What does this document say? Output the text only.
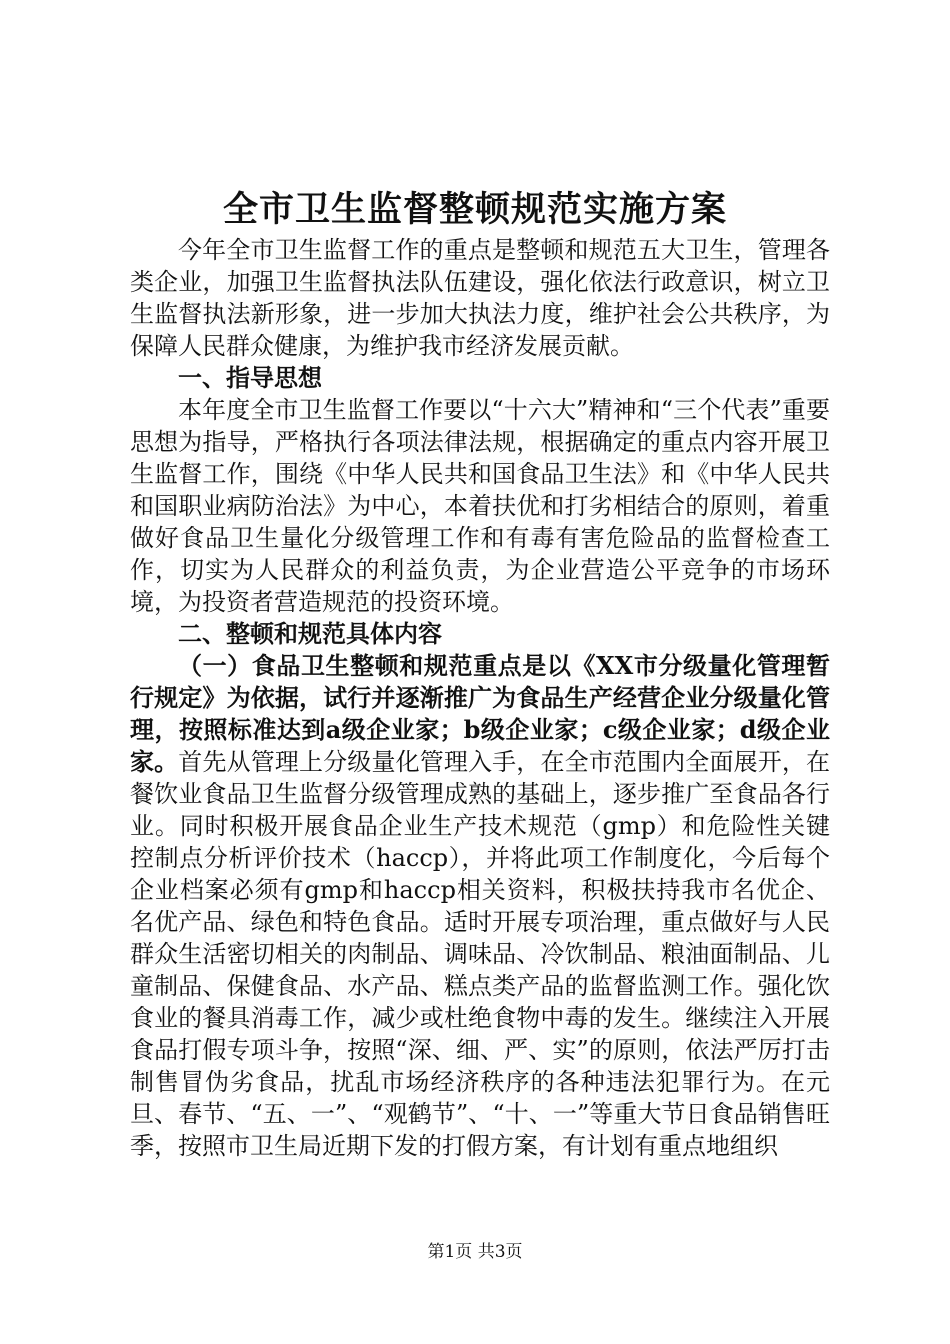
全市卫生监督整顿规范实施方案

今年全市卫生监督工作的重点是整顿和规范五大卫生，管理各类企业，加强卫生监督执法队伍建设，强化依法行政意识，树立卫生监督执法新形象，进一步加大执法力度，维护社会公共秩序，为保障人民群众健康，为维护我市经济发展贡献。

一、指导思想

本年度全市卫生监督工作要以“十六大”精神和“三个代表”重要思想为指导，严格执行各项法律法规，根据确定的重点内容开展卫生监督工作，围绕《中华人民共和国食品卫生法》和《中华人民共和国职业病防治法》为中心，本着扶优和打劣相结合的原则，着重做好食品卫生量化分级管理工作和有毒有害危险品的监督检查工作，切实为人民群众的利益负责，为企业营造公平竞争的市场环境，为投资者营造规范的投资环境。

二、整顿和规范具体内容

（一）食品卫生整顿和规范重点是以《XX市分级量化管理暂行规定》为依据，试行并逐渐推广为食品生产经营企业分级量化管理，按照标准达到a级企业家；b级企业家；c级企业家；d级企业家。首先从管理上分级量化管理入手，在全市范围内全面展开，在餐饮业食品卫生监督分级管理成熟的基础上，逐步推广至食品各行业。同时积极开展食品企业生产技术规范（gmp）和危险性关键控制点分析评价技术（haccp），并将此项工作制度化，今后每个企业档案必须有gmp和haccp相关资料，积极扶持我市名优企、名优产品、绿色和特色食品。适时开展专项治理，重点做好与人民群众生活密切相关的肉制品、调味品、冷饮制品、粮油面制品、儿童制品、保健食品、水产品、糕点类产品的监督监测工作。强化饮食业的餐具消毒工作，减少或杜绝食物中毒的发生。继续注入开展食品打假专项斗争，按照“深、细、严、实”的原则，依法严厉打击制售冒伪劣食品，扰乱市场经济秩序的各种违法犯罪行为。在元旦、春节、“五、一”、“观鹤节”、“十、一”等重大节日食品销售旺季，按照市卫生局近期下发的打假方案，有计划有重点地组织

第1页 共3页
